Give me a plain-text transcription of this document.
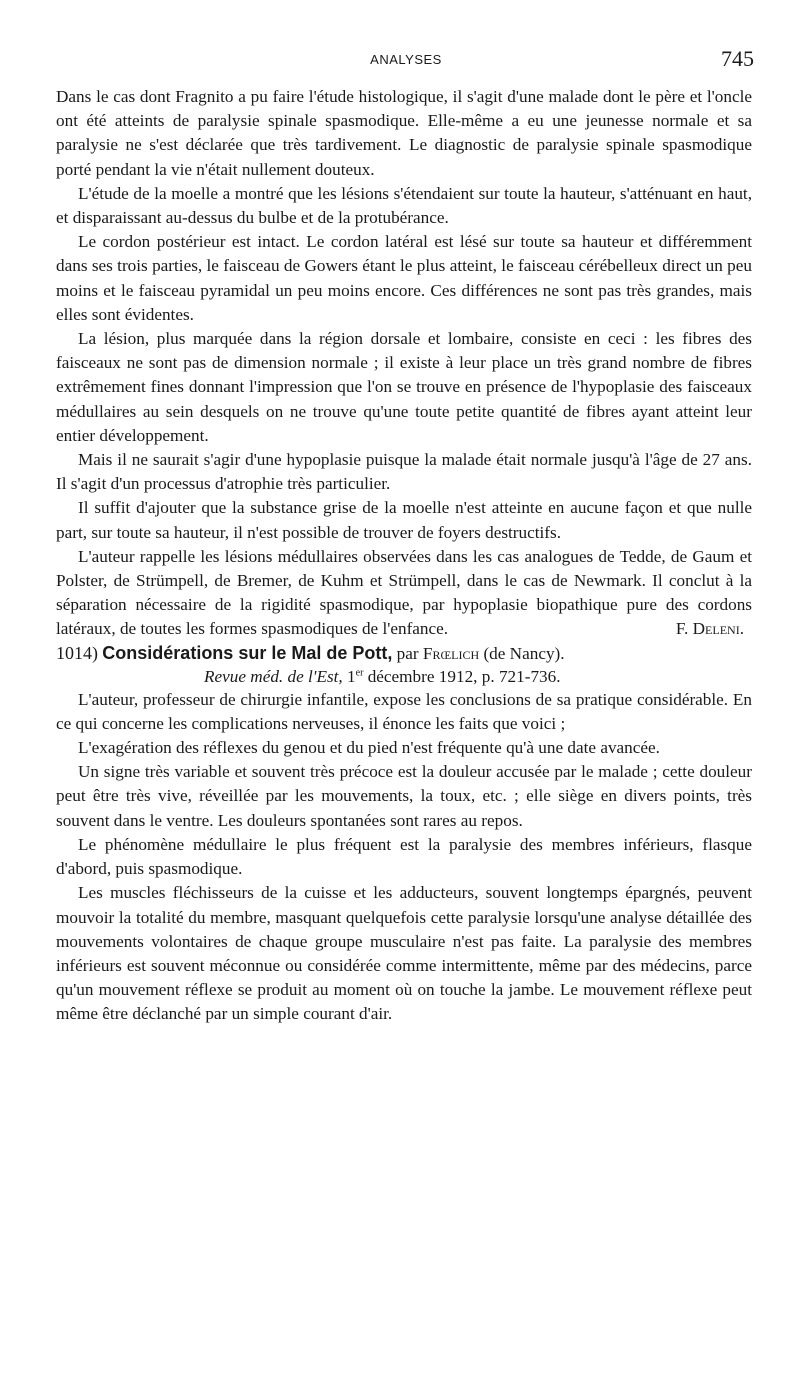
ANALYSES	745

Dans le cas dont Fragnito a pu faire l'étude histologique, il s'agit d'une malade dont le père et l'oncle ont été atteints de paralysie spinale spasmodique. Elle-même a eu une jeunesse normale et sa paralysie ne s'est déclarée que très tardivement. Le diagnostic de paralysie spinale spasmodique porté pendant la vie n'était nullement douteux.

L'étude de la moelle a montré que les lésions s'étendaient sur toute la hauteur, s'atténuant en haut, et disparaissant au-dessus du bulbe et de la protubérance.

Le cordon postérieur est intact. Le cordon latéral est lésé sur toute sa hauteur et différemment dans ses trois parties, le faisceau de Gowers étant le plus atteint, le faisceau cérébelleux direct un peu moins et le faisceau pyramidal un peu moins encore. Ces différences ne sont pas très grandes, mais elles sont évidentes.

La lésion, plus marquée dans la région dorsale et lombaire, consiste en ceci : les fibres des faisceaux ne sont pas de dimension normale ; il existe à leur place un très grand nombre de fibres extrêmement fines donnant l'impression que l'on se trouve en présence de l'hypoplasie des faisceaux médullaires au sein desquels on ne trouve qu'une toute petite quantité de fibres ayant atteint leur entier développement.

Mais il ne saurait s'agir d'une hypoplasie puisque la malade était normale jusqu'à l'âge de 27 ans. Il s'agit d'un processus d'atrophie très particulier.

Il suffit d'ajouter que la substance grise de la moelle n'est atteinte en aucune façon et que nulle part, sur toute sa hauteur, il n'est possible de trouver de foyers destructifs.

L'auteur rappelle les lésions médullaires observées dans les cas analogues de Tedde, de Gaum et Polster, de Strümpell, de Bremer, de Kuhm et Strümpell, dans le cas de Newmark. Il conclut à la séparation nécessaire de la rigidité spasmodique, par hypoplasie biopathique pure des cordons latéraux, de toutes les formes spasmodiques de l'enfance.	F. Deleni.

1014) Considérations sur le Mal de Pott, par Frœlich (de Nancy).
Revue méd. de l'Est, 1er décembre 1912, p. 721-736.

L'auteur, professeur de chirurgie infantile, expose les conclusions de sa pratique considérable. En ce qui concerne les complications nerveuses, il énonce les faits que voici ;

L'exagération des réflexes du genou et du pied n'est fréquente qu'à une date avancée.

Un signe très variable et souvent très précoce est la douleur accusée par le malade ; cette douleur peut être très vive, réveillée par les mouvements, la toux, etc. ; elle siège en divers points, très souvent dans le ventre. Les douleurs spontanées sont rares au repos.

Le phénomène médullaire le plus fréquent est la paralysie des membres inférieurs, flasque d'abord, puis spasmodique.

Les muscles fléchisseurs de la cuisse et les adducteurs, souvent longtemps épargnés, peuvent mouvoir la totalité du membre, masquant quelquefois cette paralysie lorsqu'une analyse détaillée des mouvements volontaires de chaque groupe musculaire n'est pas faite. La paralysie des membres inférieurs est souvent méconnue ou considérée comme intermittente, même par des médecins, parce qu'un mouvement réflexe se produit au moment où on touche la jambe. Le mouvement réflexe peut même être déclanché par un simple courant d'air.
